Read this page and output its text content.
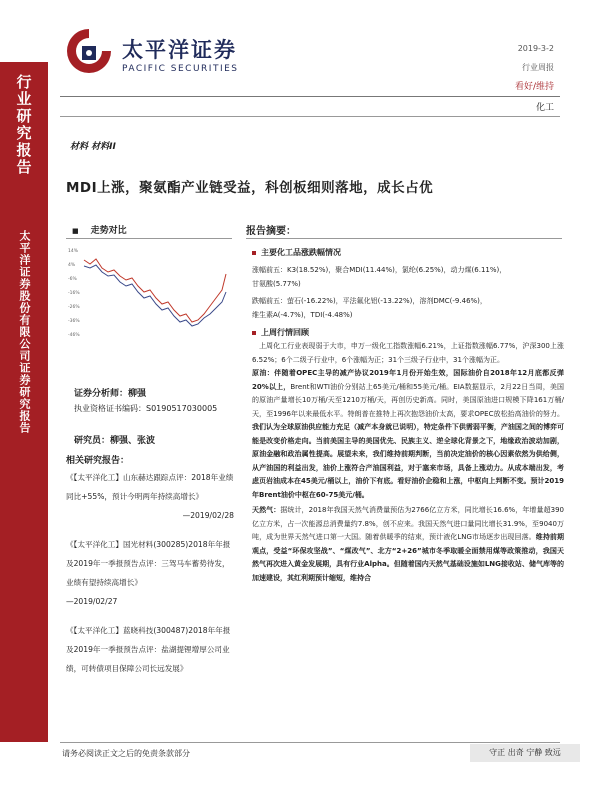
太平洋证券
PACIFIC SECURITIES
2019-3-2
行业周报
看好/维持
化工
行业研究报告
太平洋证券股份有限公司证券研究报告
材料 材料II
MDI上涨，聚氨酯产业链受益，科创板细则落地，成长占优
■ 走势对比
14%
4%
-6%
-16%
-26%
-36%
-46%
证券分析师：柳强
执业资格证书编码：S0190517030005
研究员：柳强、张波
相关研究报告：

《【太平洋化工】山东赫达跟踪点评：2018年业绩同比+55%，预计今明两年持续高增长》

—2019/02/28

《【太平洋化工】国光材料(300285)2018年年报及2019年一季报预告点评：三驾马车蓄势待发，业绩有望持续高增长》

—2019/02/27

《【太平洋化工】蓝晓科技(300487)2018年年报及2019年一季报预告点评：盐湖提锂增厚公司业绩，可转债项目保障公司长远发展》

报告摘要：
主要化工品涨跌幅情况
涨幅前五：K3(18.52%)，聚合MDI(11.44%)，氯纶(6.25%)，动力煤(6.11%)，
甘氨酸(5.77%)
跌幅前五：萤石(-16.22%)，平法氟化铝(-13.22%)，溶剂DMC(-9.46%)，
维生素A(-4.7%)，TDI(-4.48%)
上周行情回顾

上周化工行业表现弱于大市，申万一级化工指数涨幅6.21%，上证指数涨幅6.77%，沪深300上涨6.52%；6个二级子行业中，6个涨幅为正；31个三级子行业中，31个涨幅为正。

原油：伴随着OPEC主导的减产协议2019年1月份开始生效，国际油价自2018年12月底都反弹20%以上，Brent和WTI油价分别站上65美元/桶和55美元/桶。EIA数据显示，2月22日当周，美国的原油产量增长10万桶/天至1210万桶/天，再创历史新高。同时，美国原油进口规模下降161万桶/天，至1996年以来最低水平。特朗普在推特上再次抱怨油价太高，要求OPEC放松抬高油价的努力。我们认为全球原油供应能力充足（减产本身就已说明），特定条件下供需弱平衡，产油国之间的博弈可能是改变价格走向。当前美国主导的美国优先、民族主义、逆全球化背景之下，地缘政治波动加剧，原油金融和政治属性提高。展望未来，我们维持前期判断，当前决定油价的核心因素依然为供给侧，从产油国的利益出发，油价上涨符合产油国利益，对于塞来市场，具备上涨动力。从成本端出发，考虑页岩油成本在45美元/桶以上，油价下有底。看好油价企稳和上涨，中枢向上判断不变。预计2019年Brent油价中枢在60-75美元/桶。

天然气：据统计，2018年我国天然气消费量预估为2766亿立方米，同比增长16.6%，年增量超390亿立方米，占一次能源总消费量约7.8%，创不应来。我国天然气进口量同比增长31.9%，至9040万吨，成为世界天然气进口第一大国。随着供暖季的结束，预计液化LNG市场逐步出现回落。维持前期观点，受益“环保攻坚战”、“煤改气”、北方“2+26”城市冬季取暖全面禁用煤等政策推动，我国天然气再次进入黄金发展期，具有行业Alpha。但随着国内天然气基础设施如LNG接收站、储气库等的加速建设，其红利期预计缩短，维持合

请务必阅读正文之后的免责条款部分	守正 出奇 宁静 致远
